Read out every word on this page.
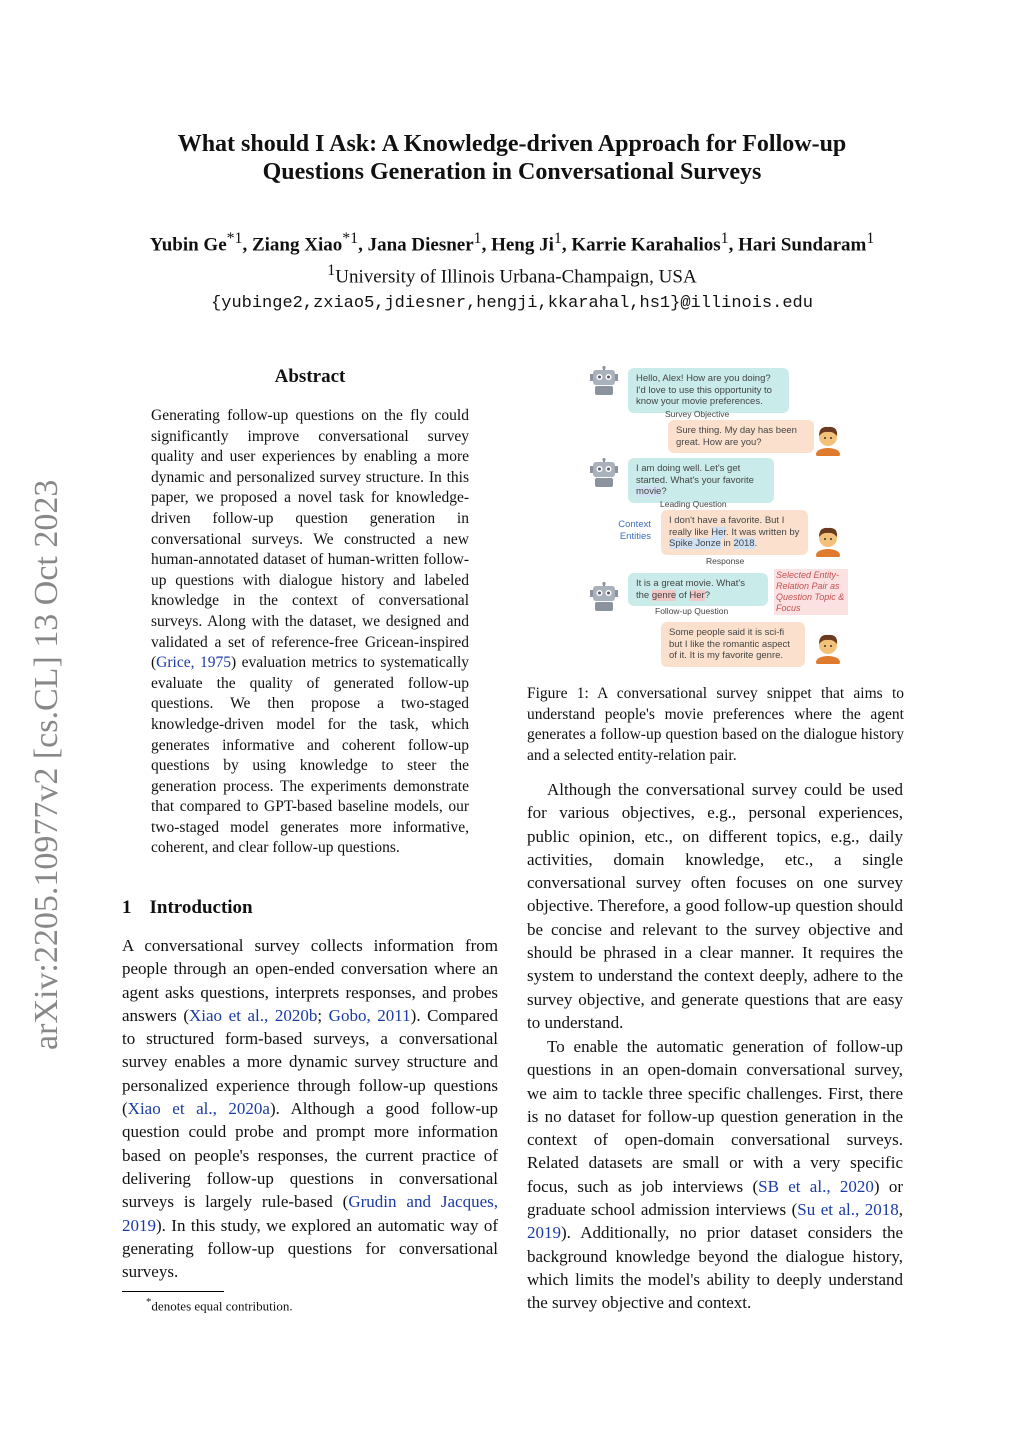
arXiv:2205.10977v2 [cs.CL] 13 Oct 2023
What should I Ask: A Knowledge-driven Approach for Follow-up
Questions Generation in Conversational Surveys
Yubin Ge$^{*1}$, Ziang Xiao$^{*1}$, Jana Diesner$^1$, Heng Ji$^1$, Karrie Karahalios$^1$, Hari Sundaram$^1$
$^1$University of Illinois Urbana-Champaign, USA
{yubinge2,zxiao5,jdiesner,hengji,kkarahal,hs1}@illinois.edu
Abstract
Generating follow-up questions on the fly could significantly improve conversational survey quality and user experiences by enabling a more dynamic and personalized survey structure. In this paper, we proposed a novel task for knowledge-driven follow-up question generation in conversational surveys. We constructed a new human-annotated dataset of human-written follow-up questions with dialogue history and labeled knowledge in the context of conversational surveys. Along with the dataset, we designed and validated a set of reference-free Gricean-inspired (Grice, 1975) evaluation metrics to systematically evaluate the quality of generated follow-up questions. We then propose a two-staged knowledge-driven model for the task, which generates informative and coherent follow-up questions by using knowledge to steer the generation process. The experiments demonstrate that compared to GPT-based baseline models, our two-staged model generates more informative, coherent, and clear follow-up questions.
1 Introduction
A conversational survey collects information from people through an open-ended conversation where an agent asks questions, interprets responses, and probes answers (Xiao et al., 2020b; Gobo, 2011). Compared to structured form-based surveys, a conversational survey enables a more dynamic survey structure and personalized experience through follow-up questions (Xiao et al., 2020a). Although a good follow-up question could probe and prompt more information based on people's responses, the current practice of delivering follow-up questions in conversational surveys is largely rule-based (Grudin and Jacques, 2019). In this study, we explored an automatic way of generating follow-up questions for conversational surveys.
*denotes equal contribution.
Hello, Alex! How are you doing? I'd love to use this opportunity to know your movie preferences.
Survey Objective
Sure thing. My day has been great. How are you?
I am doing well. Let's get started. What's your favorite movie?
Leading Question
Context Entities
I don't have a favorite. But I really like Her. It was written by Spike Jonze in 2018.
Response
It is a great movie. What's the genre of Her?
Selected Entity-Relation Pair as Question Topic & Focus
Follow-up Question
Some people said it is sci-fi but I like the romantic aspect of it. It is my favorite genre.
Figure 1: A conversational survey snippet that aims to understand people's movie preferences where the agent generates a follow-up question based on the dialogue history and a selected entity-relation pair.

Although the conversational survey could be used for various objectives, e.g., personal experiences, public opinion, etc., on different topics, e.g., daily activities, domain knowledge, etc., a single conversational survey often focuses on one survey objective. Therefore, a good follow-up question should be concise and relevant to the survey objective and should be phrased in a clear manner. It requires the system to understand the context deeply, adhere to the survey objective, and generate questions that are easy to understand.

To enable the automatic generation of follow-up questions in an open-domain conversational survey, we aim to tackle three specific challenges. First, there is no dataset for follow-up question generation in the context of open-domain conversational surveys. Related datasets are small or with a very specific focus, such as job interviews (SB et al., 2020) or graduate school admission interviews (Su et al., 2018, 2019). Additionally, no prior dataset considers the background knowledge beyond the dialogue history, which limits the model's ability to deeply understand the survey objective and context.
